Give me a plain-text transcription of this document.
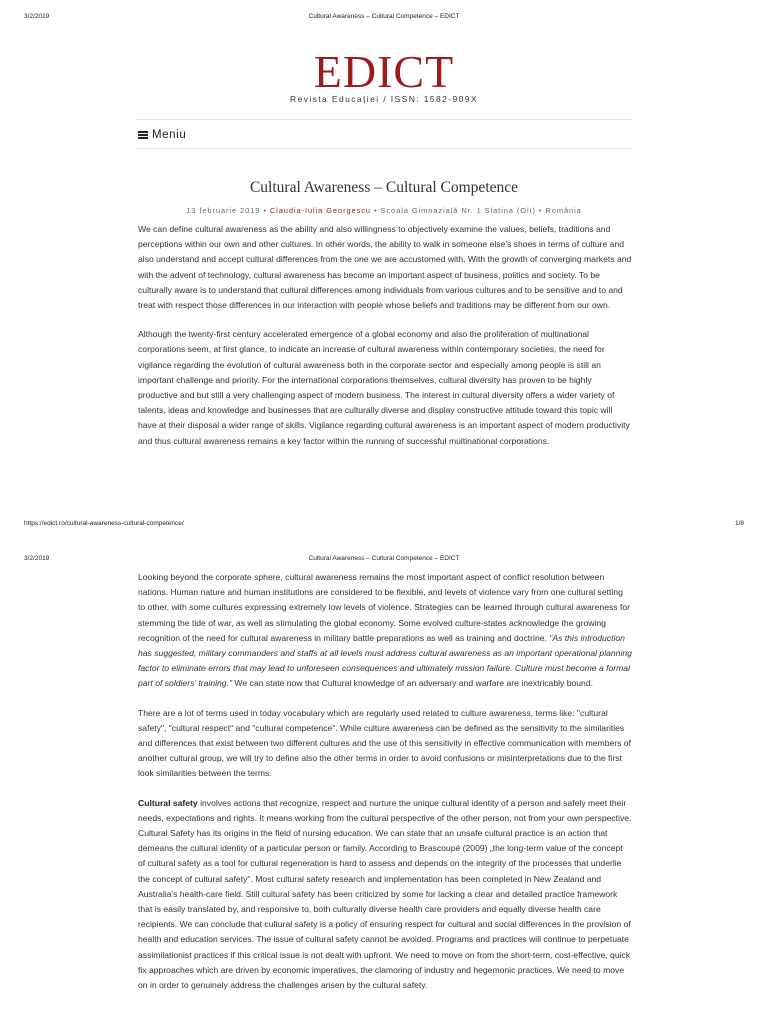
3/2/2019	Cultural Awareness – Cultural Competence – EDICT
EDICT
Revista Educației / ISSN: 1582-909X
Meniu
Cultural Awareness – Cultural Competence
13 februarie 2019 • Claudia-Iulia Georgescu • Școala Gimnazială Nr. 1 Slatina (Olt) • România

We can define cultural awareness as the ability and also willingness to objectively examine the values, beliefs, traditions and perceptions within our own and other cultures. In other words, the ability to walk in someone else's shoes in terms of culture and also understand and accept cultural differences from the one we are accustomed with. With the growth of converging markets and with the advent of technology, cultural awareness has become an important aspect of business, politics and society. To be culturally aware is to understand that cultural differences among individuals from various cultures and to be sensitive and to and treat with respect those differences in our interaction with people whose beliefs and traditions may be different from our own.

Although the twenty-first century accelerated emergence of a global economy and also the proliferation of multinational corporations seem, at first glance, to indicate an increase of cultural awareness within contemporary societies, the need for vigilance regarding the evolution of cultural awareness both in the corporate sector and especially among people is still an important challenge and priority. For the international corporations themselves, cultural diversity has proven to be highly productive and but still a very challenging aspect of modern business. The interest in cultural diversity offers a wider variety of talents, ideas and knowledge and businesses that are culturally diverse and display constructive attitude toward this topic will have at their disposal a wider range of skills. Vigilance regarding cultural awareness is an important aspect of modern productivity and thus cultural awareness remains a key factor within the running of successful multinational corporations.

https://edict.ro/cultural-awareness-cultural-competence/	1/8
3/2/2019	Cultural Awareness – Cultural Competence – EDICT

Looking beyond the corporate sphere, cultural awareness remains the most important aspect of conflict resolution between nations. Human nature and human institutions are considered to be flexible, and levels of violence vary from one cultural setting to other, with some cultures expressing extremely low levels of violence. Strategies can be learned through cultural awareness for stemming the tide of war, as well as stimulating the global economy. Some evolved culture-states acknowledge the growing recognition of the need for cultural awareness in military battle preparations as well as training and doctrine. "As this introduction has suggested, military commanders and staffs at all levels must address cultural awareness as an important operational planning factor to eliminate errors that may lead to unforeseen consequences and ultimately mission failure. Culture must become a formal part of soldiers' training." We can state now that Cultural knowledge of an adversary and warfare are inextricably bound.

There are a lot of terms used in today vocabulary which are regularly used related to culture awareness, terms like: "cultural safety", "cultural respect" and "cultural competence". While culture awareness can be defined as the sensitivity to the similarities and differences that exist between two different cultures and the use of this sensitivity in effective communication with members of another cultural group, we will try to define also the other terms in order to avoid confusions or misinterpretations due to the first look similarities between the terms.

Cultural safety involves actions that recognize, respect and nurture the unique cultural identity of a person and safely meet their needs, expectations and rights. It means working from the cultural perspective of the other person, not from your own perspective. Cultural Safety has its origins in the field of nursing education. We can state that an unsafe cultural practice is an action that demeans the cultural identity of a particular person or family. According to Brascoupé (2009) „the long-term value of the concept of cultural safety as a tool for cultural regeneration is hard to assess and depends on the integrity of the processes that underlie the concept of cultural safety". Most cultural safety research and implementation has been completed in New Zealand and Australia's health-care field. Still cultural safety has been criticized by some for lacking a clear and detailed practice framework that is easily translated by, and responsive to, both culturally diverse health care providers and equally diverse health care recipients. We can conclude that cultural safety is a policy of ensuring respect for cultural and social differences in the provision of health and education services. The issue of cultural safety cannot be avoided. Programs and practices will continue to perpetuate assimilationist practices if this critical issue is not dealt with upfront. We need to move on from the short-term, cost-effective, quick fix approaches which are driven by economic imperatives, the clamoring of industry and hegemonic practices. We need to move on in order to genuinely address the challenges arisen by the cultural safety.
